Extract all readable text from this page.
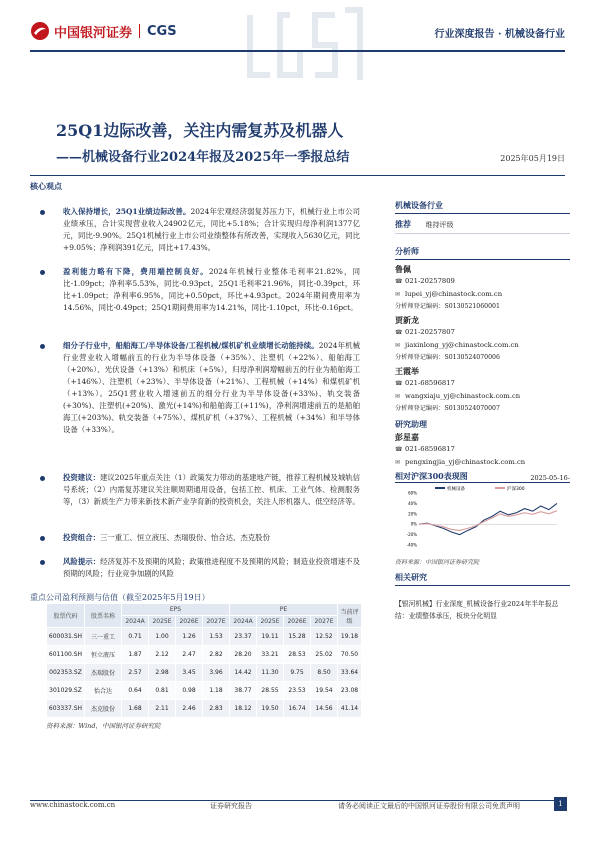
中国银河证券 CGS	行业深度报告 · 机械设备行业
25Q1边际改善，关注内需复苏及机器人
——机械设备行业2024年报及2025年一季报总结	2025年05月19日
核心观点
收入保持增长，25Q1业绩边际改善。2024年宏观经济弱复苏压力下，机械行业上市公司业绩承压，合计实现营业收入24902亿元，同比+5.18%；合计实现归母净利润1377亿元，同比-9.90%。25Q1机械行业上市公司业绩整体有所改善，实现收入5630亿元，同比+9.05%；净利润391亿元，同比+17.43%。
盈利能力略有下降，费用端控制良好。2024年机械行业整体毛利率21.82%，同比-1.09pct；净利率5.53%，同比-0.93pct。25Q1毛利率21.96%，同比-0.39pct，环比+1.09pct；净利率6.95%，同比+0.50pct，环比+4.93pct。2024年期间费用率为14.56%，同比-0.49pct；25Q1期间费用率为14.21%，同比-1.10pct，环比-0.16pct。
细分子行业中，船舶海工/半导体设备/工程机械/煤机矿机业绩增长动能持续。2024年机械行业营业收入增幅前五的行业为半导体设备（+35%）、注塑机（+22%）、船舶海工（+20%）、光伏设备（+13%）和机床（+5%），归母净利润增幅前五的行业为船舶海工（+146%）、注塑机（+23%）、半导体设备（+21%）、工程机械（+14%）和煤机矿机（+13%）。25Q1营业收入增速前五的细分行业为半导体设备(+33%)、轨交装备(+30%)、注塑机(+20%)、激光(+14%)和船舶海工(+11%)，净利润增速前五的是船舶海工(+203%)、轨交装备（+75%）、煤机矿机（+37%）、工程机械（+34%）和半导体设备（+33%）。
投资建议：建议2025年重点关注（1）政策发力带动的基建地产链，推荐工程机械及城轨信号系统；（2）内需复苏建议关注顺周期通用设备，包括工控、机床、工业气体、检测服务等，（3）新质生产力带来新技术新产业孕育新的投资机会，关注人形机器人、低空经济等。
投资组合：三一重工、恒立液压、杰瑞股份、怡合达、杰克股份
风险提示：经济复苏不及预期的风险；政策推进程度不及预期的风险；制造业投资增速不及预期的风险；行业竞争加剧的风险
重点公司盈利预测与估值（截至2025年5月19日）
股票代码	股票名称	EPS				PE				当前评级
		2024A	2025E	2026E	2027E	2024A	2025E	2026E	2027E	
600031.SH	三一重工	0.71	1.00	1.26	1.53	23.37	19.11	15.28	12.52	19.18
601100.SH	恒立液压	1.87	2.12	2.47	2.82	28.20	33.21	28.53	25.02	70.50
002353.SZ	杰瑞股份	2.57	2.98	3.45	3.96	14.42	11.30	9.75	8.50	33.64
301029.SZ	怡合达	0.64	0.81	0.98	1.18	38.77	28.55	23.53	19.54	23.08
603337.SH	杰克股份	1.68	2.11	2.46	2.83	18.12	19.50	16.74	14.56	41.14
资料来源：Wind，中国银河证券研究院
机械设备行业
推荐 维持评级
分析师
鲁佩
☎ 021-20257809
✉ lupei_yj@chinastock.com.cn
分析师登记编码：S0130521060001
贾新龙
☎ 021-20257807
✉ jiaxinlong_yj@chinastock.com.cn
分析师登记编码：S0130524070006
王霞举
☎ 021-68596817
✉ wangxiaju_yj@chinastock.com.cn
分析师登记编码：S0130524070007
研究助理
彭星嘉
☎ 021-68596817
✉ pengxingjia_yj@chinastock.com.cn
相对沪深300表现图	2025-05-16-
机械设备	沪深300
60%
40%
20%
0%
-20%
-40%
资料来源：中国银河证券研究院
相关研究
【银河机械】行业深度_机械设备行业2024年半年报总结：业绩整体承压，板块分化明显
www.chinastock.com.cn	证券研究报告	请务必阅读正文最后的中国银河证券股份有限公司免责声明	1
